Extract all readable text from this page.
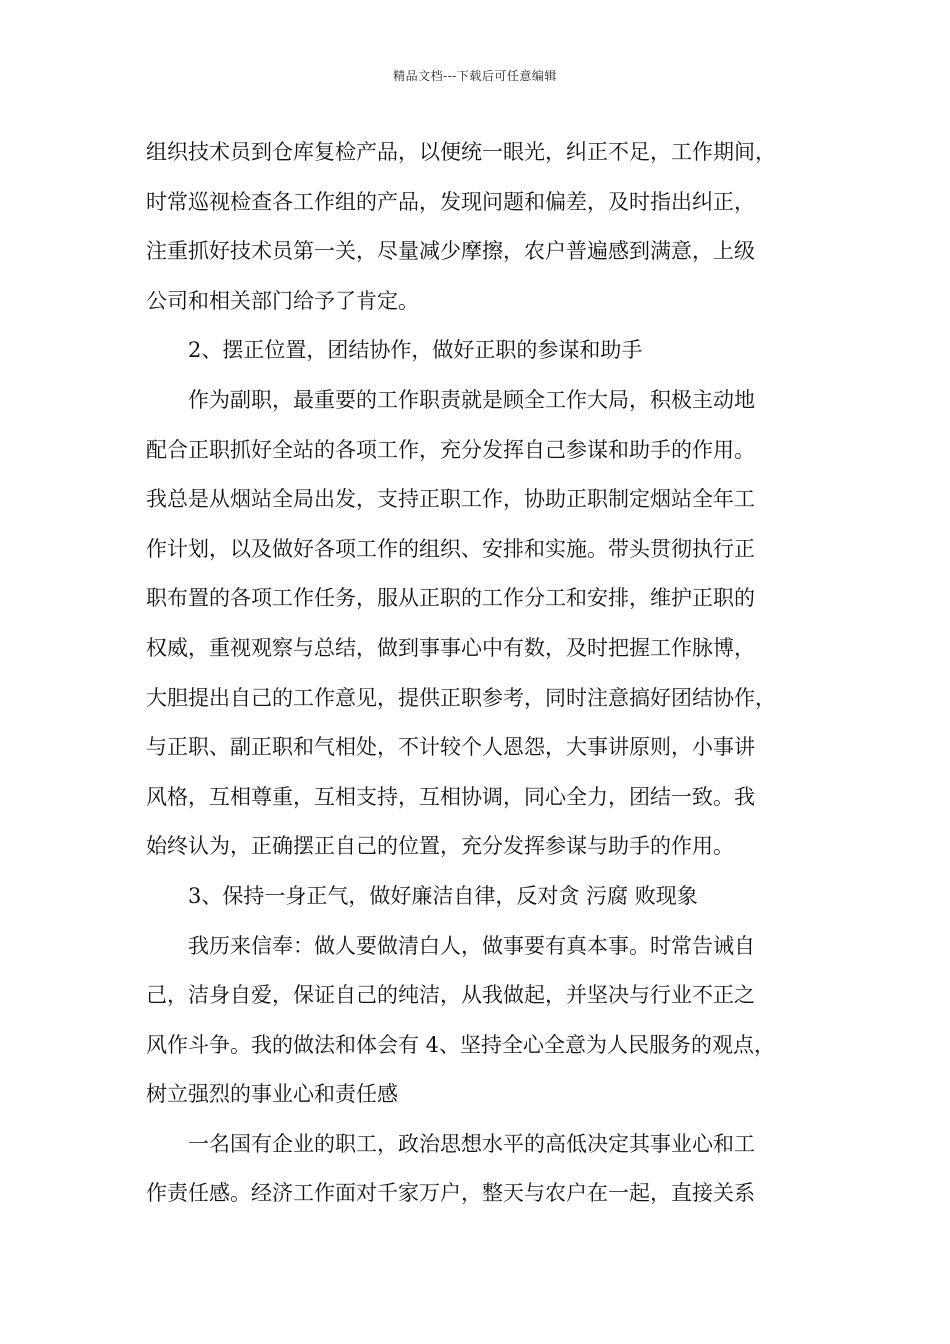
精品文档---下载后可任意编辑
组织技术员到仓库复检产品，以便统一眼光，纠正不足，工作期间，
时常巡视检查各工作组的产品，发现问题和偏差，及时指出纠正，
注重抓好技术员第一关，尽量减少摩擦，农户普遍感到满意，上级
公司和相关部门给予了肯定。
2、摆正位置，团结协作，做好正职的参谋和助手
作为副职，最重要的工作职责就是顾全工作大局，积极主动地
配合正职抓好全站的各项工作，充分发挥自己参谋和助手的作用。
我总是从烟站全局出发，支持正职工作，协助正职制定烟站全年工
作计划，以及做好各项工作的组织、安排和实施。带头贯彻执行正
职布置的各项工作任务，服从正职的工作分工和安排，维护正职的
权威，重视观察与总结，做到事事心中有数，及时把握工作脉博，
大胆提出自己的工作意见，提供正职参考，同时注意搞好团结协作，
与正职、副正职和气相处，不计较个人恩怨，大事讲原则，小事讲
风格，互相尊重，互相支持，互相协调，同心全力，团结一致。我
始终认为，正确摆正自己的位置，充分发挥参谋与助手的作用。
3、保持一身正气，做好廉洁自律，反对贪 污腐 败现象
我历来信奉：做人要做清白人，做事要有真本事。时常告诫自
己，洁身自爱，保证自己的纯洁，从我做起，并坚决与行业不正之
风作斗争。我的做法和体会有 4、坚持全心全意为人民服务的观点，
树立强烈的事业心和责任感
一名国有企业的职工，政治思想水平的高低决定其事业心和工
作责任感。经济工作面对千家万户，整天与农户在一起，直接关系
